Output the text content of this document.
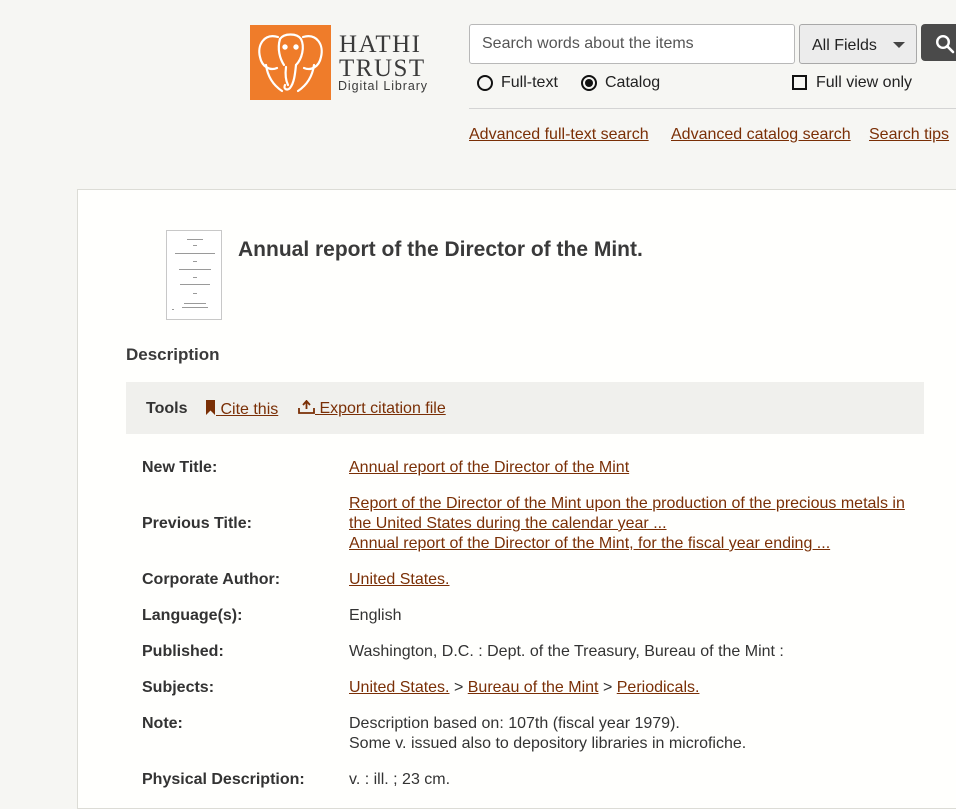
HATHI
TRUST
Digital Library
Search words about the items
All Fields
Full-text	Catalog	Full view only
Advanced full-text search Advanced catalog search Search tips
Annual report of the Director of the Mint.
Description
Tools	Cite this	Export citation file
New Title:	Annual report of the Director of the Mint
Previous Title:
Report of the Director of the Mint upon the production of the precious metals in
the United States during the calendar year ...
Annual report of the Director of the Mint, for the fiscal year ending ...
Corporate Author:	United States.
Language(s):	English
Published:	Washington, D.C. : Dept. of the Treasury, Bureau of the Mint :
Subjects:	United States. > Bureau of the Mint > Periodicals.
Note:	Description based on: 107th (fiscal year 1979).
Some v. issued also to depository libraries in microfiche.
Physical Description:	v. : ill. ; 23 cm.
